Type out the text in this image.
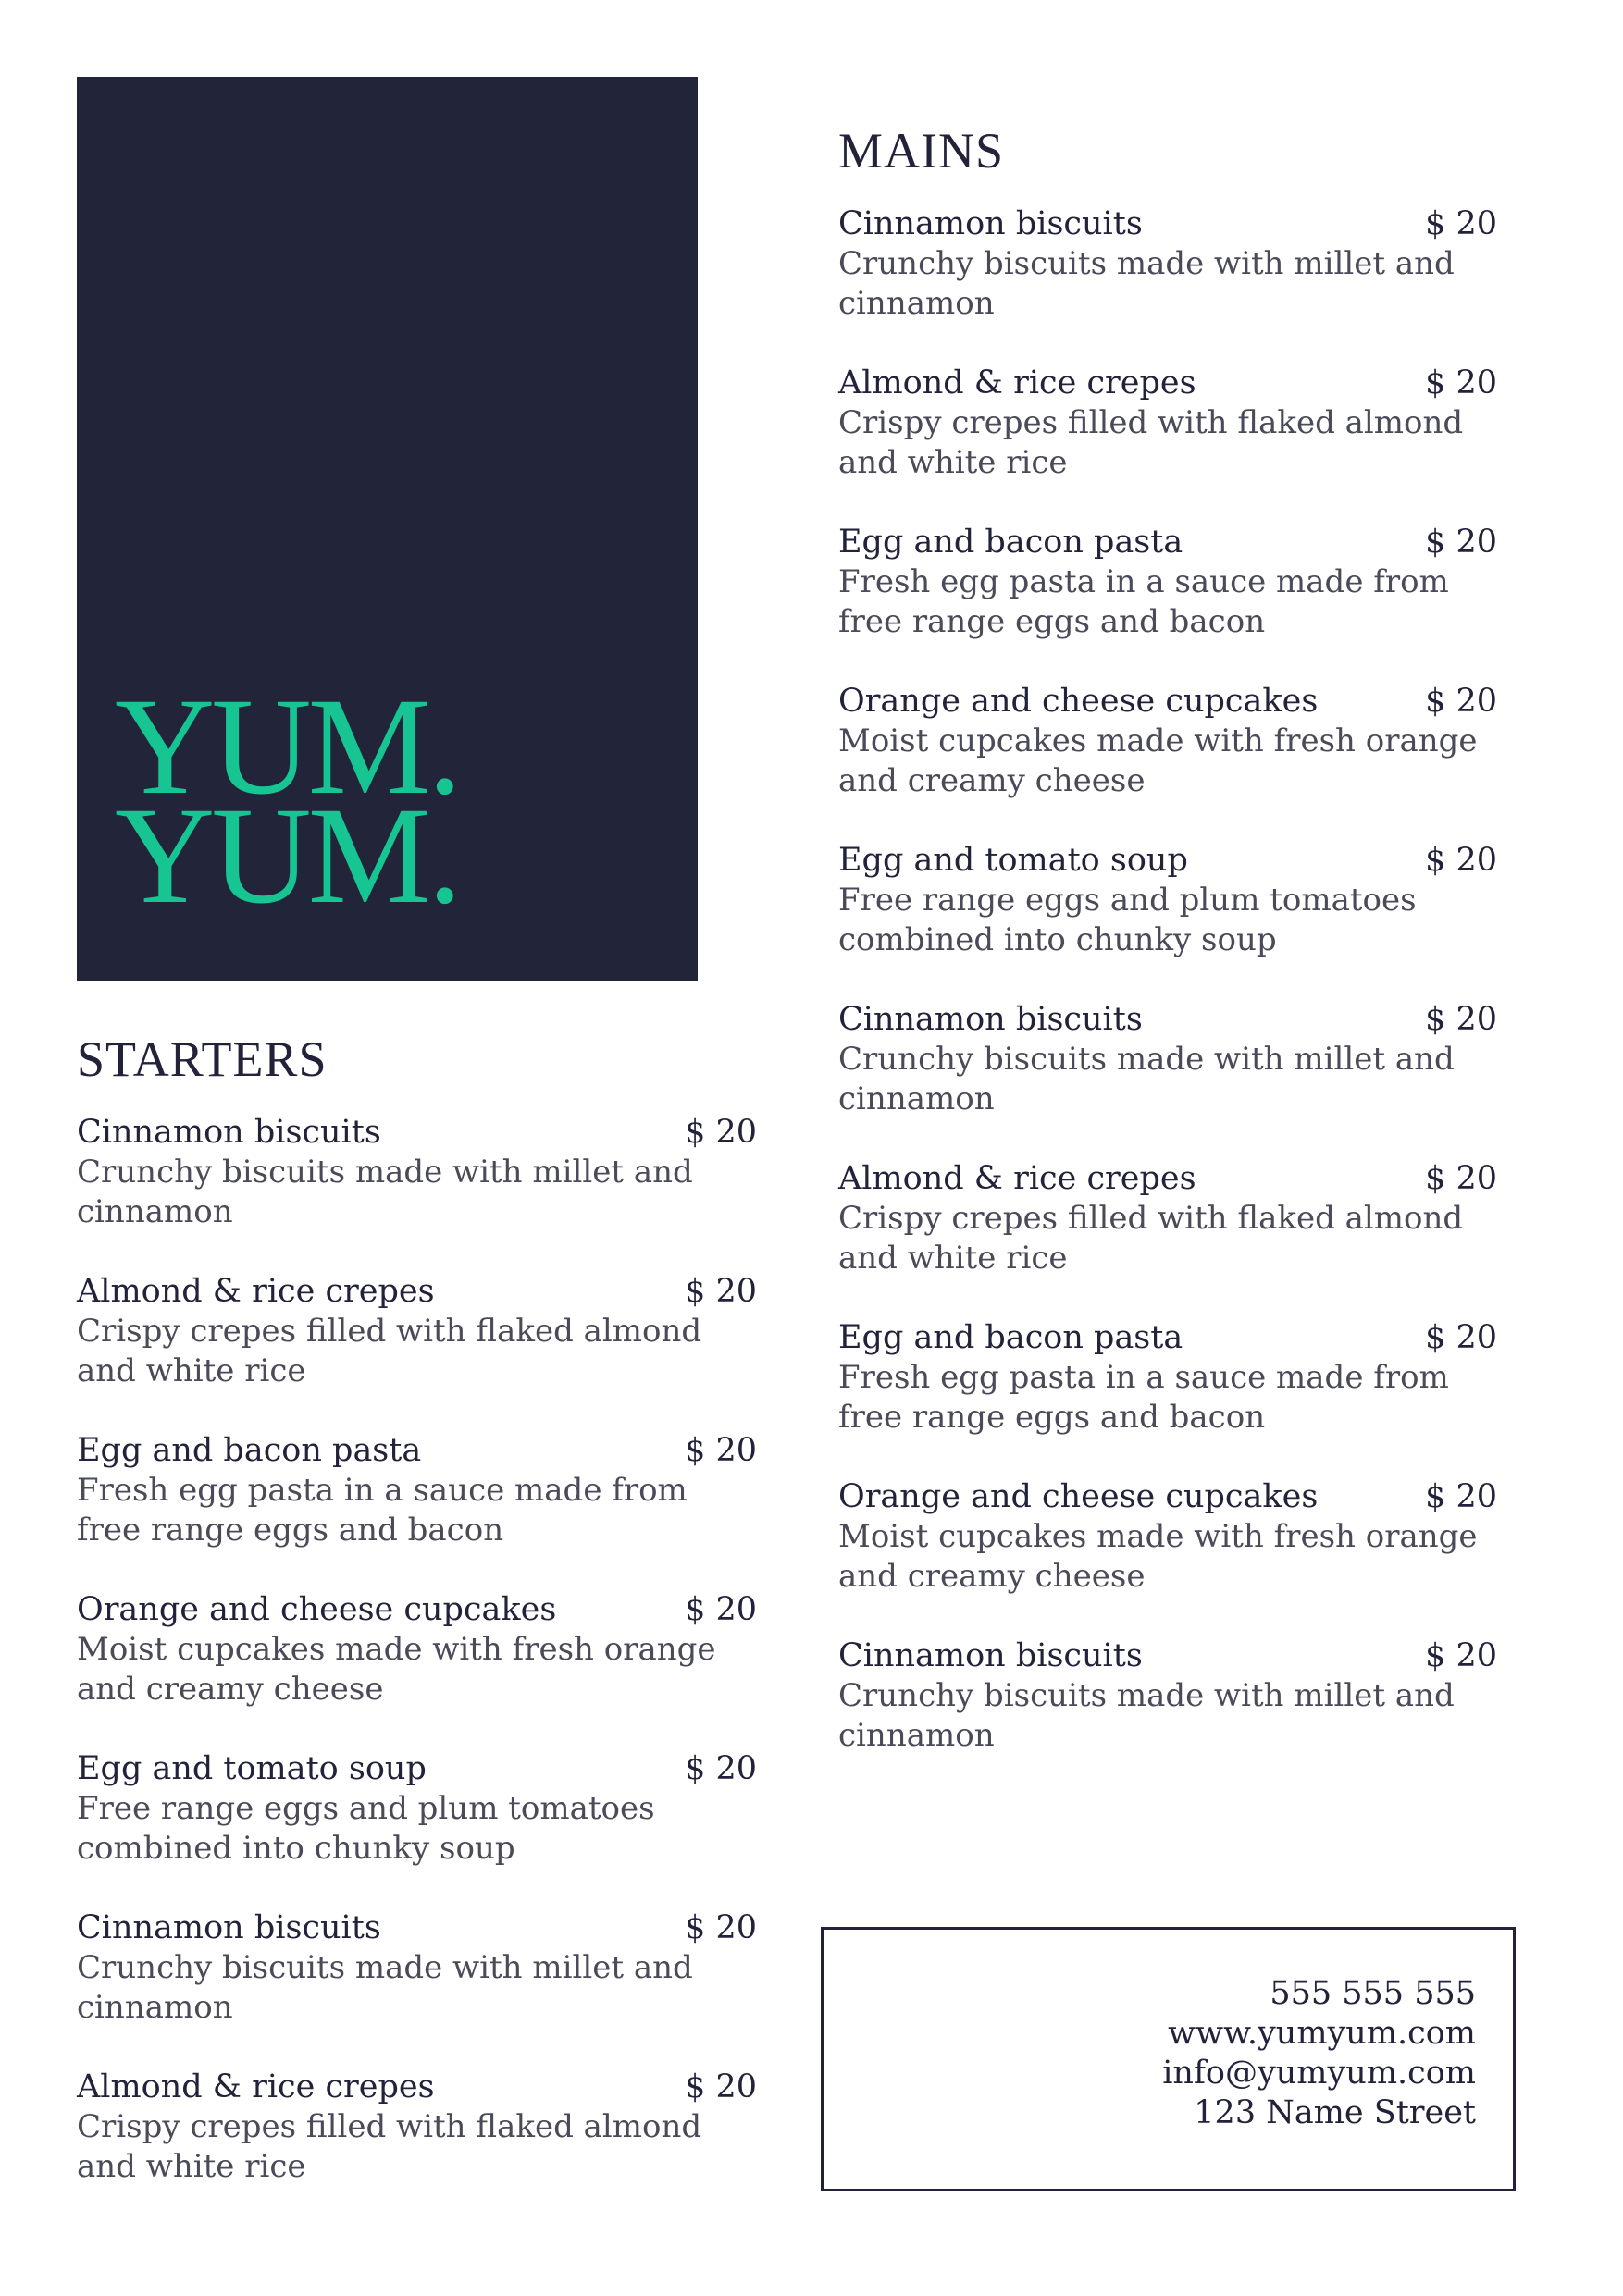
YUM.
YUM.
STARTERS
Cinnamon biscuits	$ 20

Crunchy biscuits made with millet and cinnamon

Almond & rice crepes	$ 20

Crispy crepes filled with flaked almond and white rice

Egg and bacon pasta	$ 20

Fresh egg pasta in a sauce made from free range eggs and bacon

Orange and cheese cupcakes	$ 20

Moist cupcakes made with fresh orange and creamy cheese

Egg and tomato soup	$ 20

Free range eggs and plum tomatoes combined into chunky soup

Cinnamon biscuits	$ 20

Crunchy biscuits made with millet and cinnamon

Almond & rice crepes	$ 20

Crispy crepes filled with flaked almond and white rice

MAINS
Cinnamon biscuits	$ 20

Crunchy biscuits made with millet and cinnamon

Almond & rice crepes	$ 20

Crispy crepes filled with flaked almond and white rice

Egg and bacon pasta	$ 20

Fresh egg pasta in a sauce made from free range eggs and bacon

Orange and cheese cupcakes	$ 20

Moist cupcakes made with fresh orange and creamy cheese

Egg and tomato soup	$ 20

Free range eggs and plum tomatoes combined into chunky soup

Cinnamon biscuits	$ 20

Crunchy biscuits made with millet and cinnamon

Almond & rice crepes	$ 20

Crispy crepes filled with flaked almond and white rice

Egg and bacon pasta	$ 20

Fresh egg pasta in a sauce made from free range eggs and bacon

Orange and cheese cupcakes	$ 20

Moist cupcakes made with fresh orange and creamy cheese

Cinnamon biscuits	$ 20

Crunchy biscuits made with millet and cinnamon

555 555 555
www.yumyum.com
info@yumyum.com
123 Name Street
